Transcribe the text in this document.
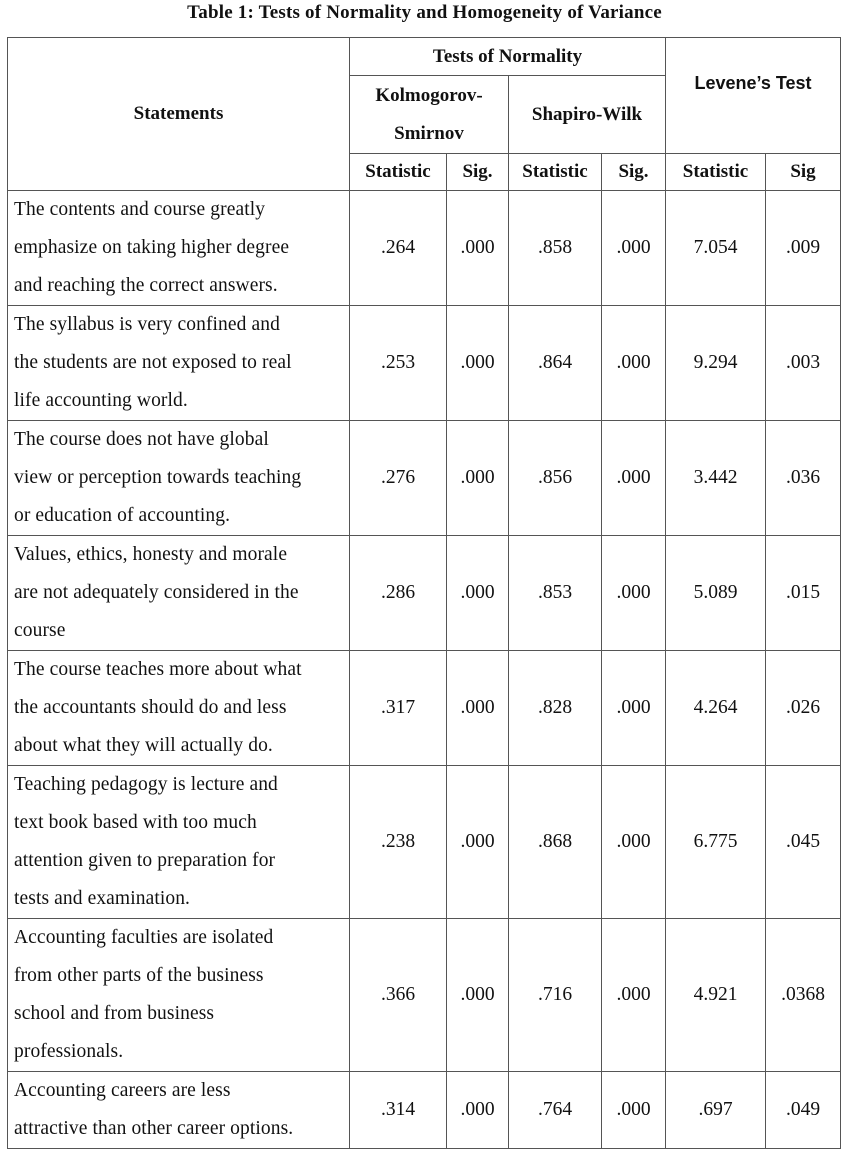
Table 1: Tests of Normality and Homogeneity of Variance
Statements	Tests of Normality				Levene’s Test	

	Kolmogorov-
Smirnov		Shapiro-Wilk			
	Statistic	Sig.	Statistic	Sig.	Statistic	Sig

The contents and course greatly
emphasize on taking higher degree
and reaching the correct answers.	.264	.000	.858	.000	7.054	.009

The syllabus is very confined and
the students are not exposed to real
life accounting world.	.253	.000	.864	.000	9.294	.003

The course does not have global
view or perception towards teaching
or education of accounting.	.276	.000	.856	.000	3.442	.036

Values, ethics, honesty and morale
are not adequately considered in the
course	.286	.000	.853	.000	5.089	.015

The course teaches more about what
the accountants should do and less
about what they will actually do.	.317	.000	.828	.000	4.264	.026

Teaching pedagogy is lecture and
text book based with too much
attention given to preparation for
tests and examination.	.238	.000	.868	.000	6.775	.045

Accounting faculties are isolated
from other parts of the business
school and from business
professionals.	.366	.000	.716	.000	4.921	.0368

Accounting careers are less
attractive than other career options.	.314	.000	.764	.000	.697	.049
